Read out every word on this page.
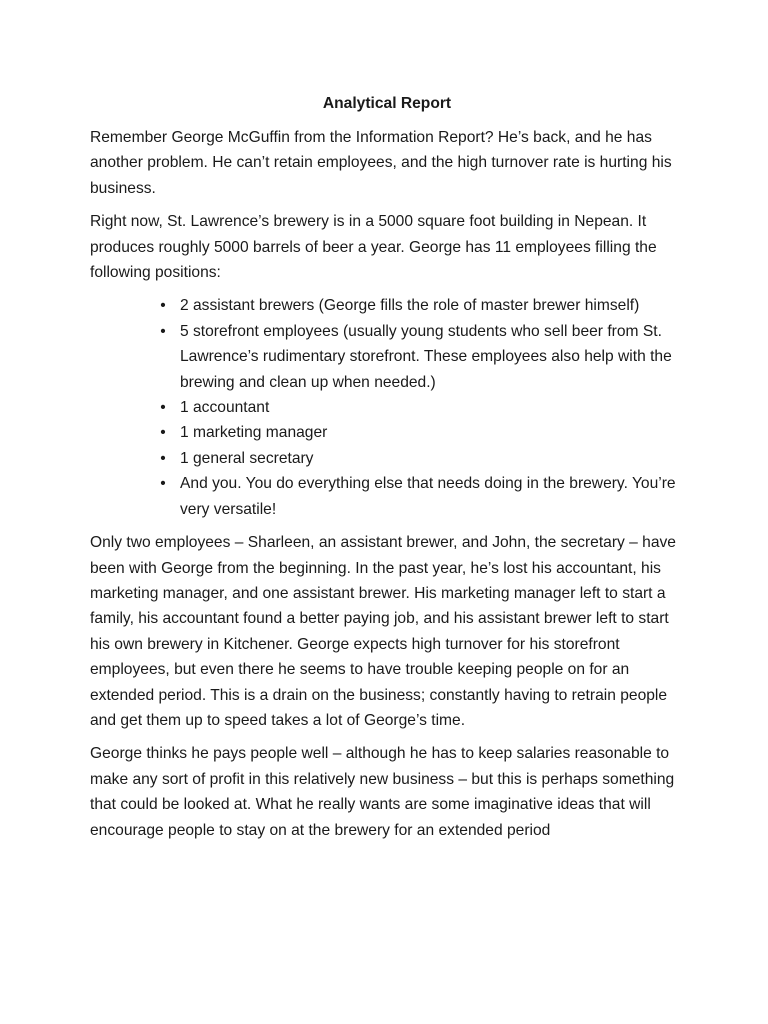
Analytical Report

Remember George McGuffin from the Information Report? He’s back, and he has another problem. He can’t retain employees, and the high turnover rate is hurting his business.

Right now, St. Lawrence’s brewery is in a 5000 square foot building in Nepean. It produces roughly 5000 barrels of beer a year. George has 11 employees filling the following positions:

• 2 assistant brewers (George fills the role of master brewer himself)
• 5 storefront employees (usually young students who sell beer from St. Lawrence’s rudimentary storefront. These employees also help with the brewing and clean up when needed.)
• 1 accountant
• 1 marketing manager
• 1 general secretary
• And you. You do everything else that needs doing in the brewery. You’re very versatile!

Only two employees – Sharleen, an assistant brewer, and John, the secretary – have been with George from the beginning. In the past year, he’s lost his accountant, his marketing manager, and one assistant brewer. His marketing manager left to start a family, his accountant found a better paying job, and his assistant brewer left to start his own brewery in Kitchener. George expects high turnover for his storefront employees, but even there he seems to have trouble keeping people on for an extended period. This is a drain on the business; constantly having to retrain people and get them up to speed takes a lot of George’s time.

George thinks he pays people well – although he has to keep salaries reasonable to make any sort of profit in this relatively new business – but this is perhaps something that could be looked at. What he really wants are some imaginative ideas that will encourage people to stay on at the brewery for an extended period
